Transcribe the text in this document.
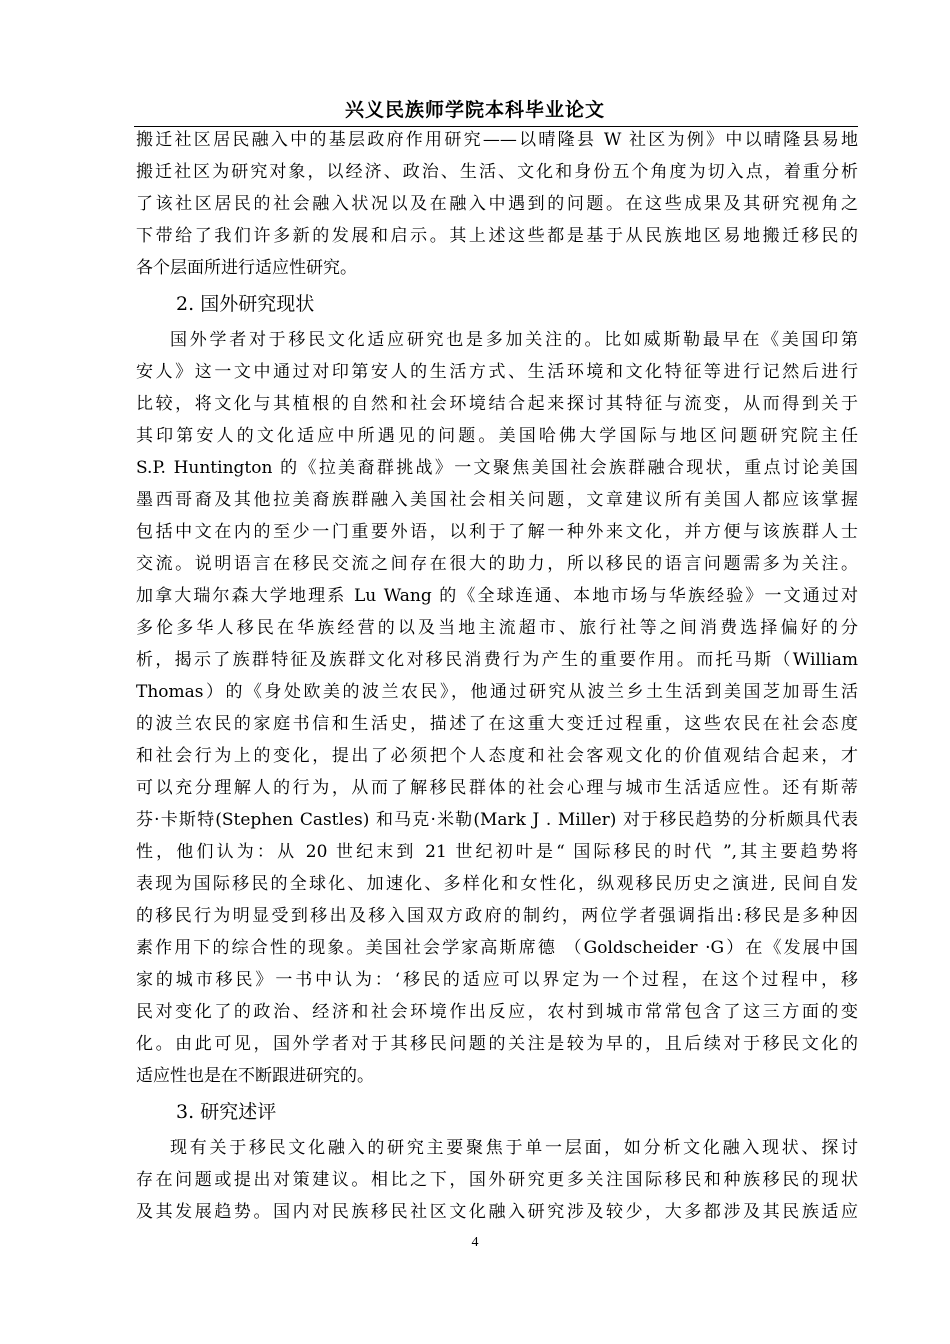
兴义民族师学院本科毕业论文
搬迁社区居民融入中的基层政府作用研究——以晴隆县 W 社区为例》中以晴隆县易地
搬迁社区为研究对象，以经济、政治、生活、文化和身份五个角度为切入点，着重分析
了该社区居民的社会融入状况以及在融入中遇到的问题。在这些成果及其研究视角之
下带给了我们许多新的发展和启示。其上述这些都是基于从民族地区易地搬迁移民的
各个层面所进行适应性研究。
2. 国外研究现状
国外学者对于移民文化适应研究也是多加关注的。比如威斯勒最早在《美国印第
安人》这一文中通过对印第安人的生活方式、生活环境和文化特征等进行记然后进行
比较，将文化与其植根的自然和社会环境结合起来探讨其特征与流变，从而得到关于
其印第安人的文化适应中所遇见的问题。美国哈佛大学国际与地区问题研究院主任
S.P. Huntington 的《拉美裔群挑战》一文聚焦美国社会族群融合现状，重点讨论美国
墨西哥裔及其他拉美裔族群融入美国社会相关问题，文章建议所有美国人都应该掌握
包括中文在内的至少一门重要外语，以利于了解一种外来文化，并方便与该族群人士
交流。说明语言在移民交流之间存在很大的助力，所以移民的语言问题需多为关注。
加拿大瑞尔森大学地理系 Lu Wang 的《全球连通、本地市场与华族经验》一文通过对
多伦多华人移民在华族经营的以及当地主流超市、旅行社等之间消费选择偏好的分
析，揭示了族群特征及族群文化对移民消费行为产生的重要作用。而托马斯（William
Thomas）的《身处欧美的波兰农民》，他通过研究从波兰乡土生活到美国芝加哥生活
的波兰农民的家庭书信和生活史，描述了在这重大变迁过程重，这些农民在社会态度
和社会行为上的变化，提出了必须把个人态度和社会客观文化的价值观结合起来，才
可以充分理解人的行为，从而了解移民群体的社会心理与城市生活适应性。还有斯蒂
芬·卡斯特(Stephen Castles) 和马克·米勒(Mark J . Miller) 对于移民趋势的分析颇具代表
性，他们认为：从 20 世纪末到 21 世纪初叶是“ 国际移民的时代 ”,其主要趋势将
表现为国际移民的全球化、加速化、多样化和女性化，纵观移民历史之演进, 民间自发
的移民行为明显受到移出及移入国双方政府的制约，两位学者强调指出:移民是多种因
素作用下的综合性的现象。美国社会学家高斯席德 （Goldscheider ·G）在《发展中国
家的城市移民》一书中认为：‘移民的适应可以界定为一个过程，在这个过程中，移
民对变化了的政治、经济和社会环境作出反应，农村到城市常常包含了这三方面的变
化。由此可见，国外学者对于其移民问题的关注是较为早的，且后续对于移民文化的
适应性也是在不断跟进研究的。
3. 研究述评
现有关于移民文化融入的研究主要聚焦于单一层面，如分析文化融入现状、探讨
存在问题或提出对策建议。相比之下，国外研究更多关注国际移民和种族移民的现状
及其发展趋势。国内对民族移民社区文化融入研究涉及较少，大多都涉及其民族适应
4
